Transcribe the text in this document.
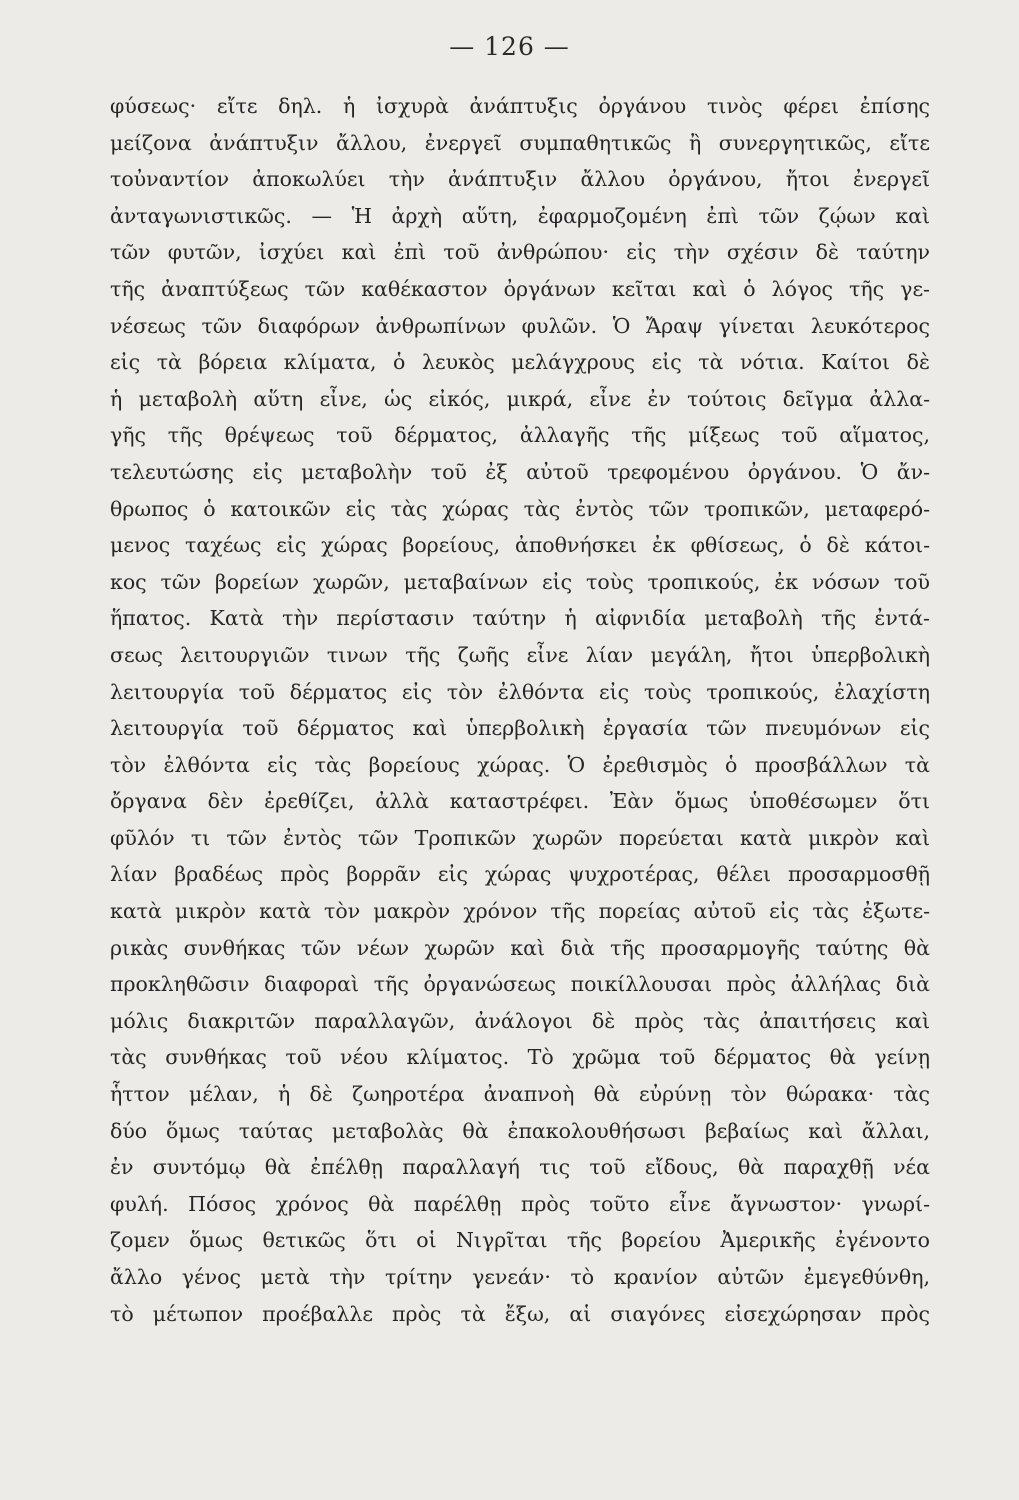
— 126 —
φύσεως· εἴτε δηλ. ἡ ἰσχυρὰ ἀνάπτυξις ὀργάνου τινὸς φέρει ἐπίσης
μείζονα ἀνάπτυξιν ἄλλου, ἐνεργεῖ συμπαθητικῶς ἢ συνεργητικῶς, εἴτε
τοὐναντίον ἀποκωλύει τὴν ἀνάπτυξιν ἄλλου ὀργάνου, ἤτοι ἐνεργεῖ
ἀνταγωνιστικῶς. — Ἡ ἀρχὴ αὕτη, ἐφαρμοζομένη ἐπὶ τῶν ζῴων καὶ
τῶν φυτῶν, ἰσχύει καὶ ἐπὶ τοῦ ἀνθρώπου· εἰς τὴν σχέσιν δὲ ταύτην
τῆς ἀναπτύξεως τῶν καθέκαστον ὀργάνων κεῖται καὶ ὁ λόγος τῆς γε-
νέσεως τῶν διαφόρων ἀνθρωπίνων φυλῶν. Ὁ Ἄραψ γίνεται λευκότερος
εἰς τὰ βόρεια κλίματα, ὁ λευκὸς μελάγχρους εἰς τὰ νότια. Καίτοι δὲ
ἡ μεταβολὴ αὕτη εἶνε, ὡς εἰκός, μικρά, εἶνε ἐν τούτοις δεῖγμα ἀλλα-
γῆς τῆς θρέψεως τοῦ δέρματος, ἀλλαγῆς τῆς μίξεως τοῦ αἵματος,
τελευτώσης εἰς μεταβολὴν τοῦ ἐξ αὐτοῦ τρεφομένου ὀργάνου. Ὁ ἄν-
θρωπος ὁ κατοικῶν εἰς τὰς χώρας τὰς ἐντὸς τῶν τροπικῶν, μεταφερό-
μενος ταχέως εἰς χώρας βορείους, ἀποθνήσκει ἐκ φθίσεως, ὁ δὲ κάτοι-
κος τῶν βορείων χωρῶν, μεταβαίνων εἰς τοὺς τροπικούς, ἐκ νόσων τοῦ
ἥπατος. Κατὰ τὴν περίστασιν ταύτην ἡ αἰφνιδία μεταβολὴ τῆς ἐντά-
σεως λειτουργιῶν τινων τῆς ζωῆς εἶνε λίαν μεγάλη, ἤτοι ὑπερβολικὴ
λειτουργία τοῦ δέρματος εἰς τὸν ἐλθόντα εἰς τοὺς τροπικούς, ἐλαχίστη
λειτουργία τοῦ δέρματος καὶ ὑπερβολικὴ ἐργασία τῶν πνευμόνων εἰς
τὸν ἐλθόντα εἰς τὰς βορείους χώρας. Ὁ ἐρεθισμὸς ὁ προσβάλλων τὰ
ὄργανα δὲν ἐρεθίζει, ἀλλὰ καταστρέφει. Ἐὰν ὅμως ὑποθέσωμεν ὅτι
φῦλόν τι τῶν ἐντὸς τῶν Τροπικῶν χωρῶν πορεύεται κατὰ μικρὸν καὶ
λίαν βραδέως πρὸς βορρᾶν εἰς χώρας ψυχροτέρας, θέλει προσαρμοσθῇ
κατὰ μικρὸν κατὰ τὸν μακρὸν χρόνον τῆς πορείας αὐτοῦ εἰς τὰς ἐξωτε-
ρικὰς συνθήκας τῶν νέων χωρῶν καὶ διὰ τῆς προσαρμογῆς ταύτης θὰ
προκληθῶσιν διαφοραὶ τῆς ὀργανώσεως ποικίλλουσαι πρὸς ἀλλήλας διὰ
μόλις διακριτῶν παραλλαγῶν, ἀνάλογοι δὲ πρὸς τὰς ἀπαιτήσεις καὶ
τὰς συνθήκας τοῦ νέου κλίματος. Τὸ χρῶμα τοῦ δέρματος θὰ γείνῃ
ἧττον μέλαν, ἡ δὲ ζωηροτέρα ἀναπνοὴ θὰ εὐρύνῃ τὸν θώρακα· τὰς
δύο ὅμως ταύτας μεταβολὰς θὰ ἐπακολουθήσωσι βεβαίως καὶ ἄλλαι,
ἐν συντόμῳ θὰ ἐπέλθῃ παραλλαγή τις τοῦ εἴδους, θὰ παραχθῇ νέα
φυλή. Πόσος χρόνος θὰ παρέλθῃ πρὸς τοῦτο εἶνε ἄγνωστον· γνωρί-
ζομεν ὅμως θετικῶς ὅτι οἱ Νιγρῖται τῆς βορείου Ἀμερικῆς ἐγένοντο
ἄλλο γένος μετὰ τὴν τρίτην γενεάν· τὸ κρανίον αὐτῶν ἐμεγεθύνθη,
τὸ μέτωπον προέβαλλε πρὸς τὰ ἔξω, αἱ σιαγόνες εἰσεχώρησαν πρὸς
